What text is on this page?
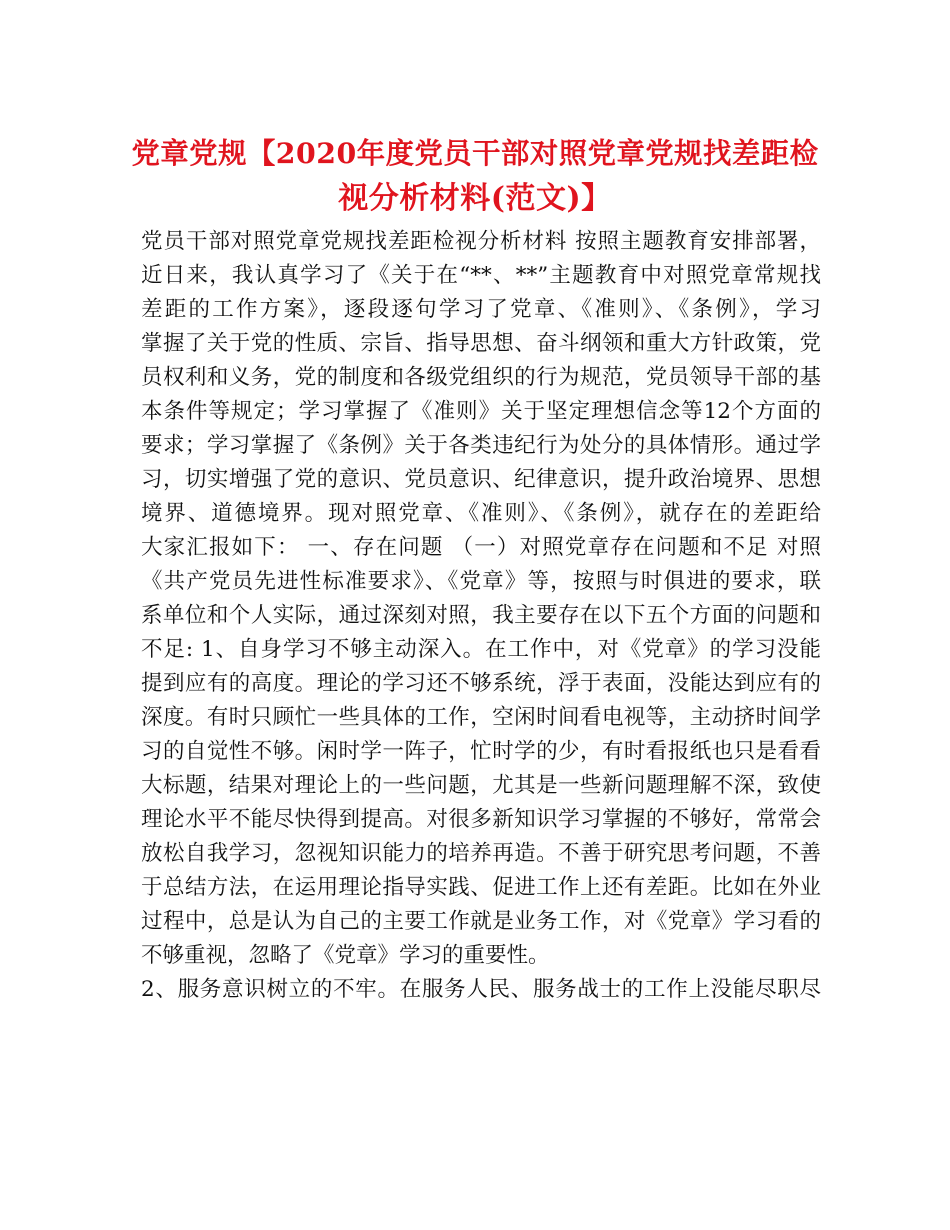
党章党规【2020年度党员干部对照党章党规找差距检
视分析材料(范文)】
党员干部对照党章党规找差距检视分析材料 按照主题教育安排部署，
近日来，我认真学习了《关于在“**、**”主题教育中对照党章常规找
差距的工作方案》，逐段逐句学习了党章、《准则》、《条例》，学习
掌握了关于党的性质、宗旨、指导思想、奋斗纲领和重大方针政策，党
员权利和义务，党的制度和各级党组织的行为规范，党员领导干部的基
本条件等规定；学习掌握了《准则》关于坚定理想信念等12个方面的
要求；学习掌握了《条例》关于各类违纪行为处分的具体情形。通过学
习，切实增强了党的意识、党员意识、纪律意识，提升政治境界、思想
境界、道德境界。现对照党章、《准则》、《条例》，就存在的差距给
大家汇报如下： 一、存在问题 （一）对照党章存在问题和不足 对照
《共产党员先进性标准要求》、《党章》等，按照与时俱进的要求，联
系单位和个人实际，通过深刻对照，我主要存在以下五个方面的问题和
不足: 1、自身学习不够主动深入。在工作中，对《党章》的学习没能
提到应有的高度。理论的学习还不够系统，浮于表面，没能达到应有的
深度。有时只顾忙一些具体的工作，空闲时间看电视等，主动挤时间学
习的自觉性不够。闲时学一阵子，忙时学的少，有时看报纸也只是看看
大标题，结果对理论上的一些问题，尤其是一些新问题理解不深，致使
理论水平不能尽快得到提高。对很多新知识学习掌握的不够好，常常会
放松自我学习，忽视知识能力的培养再造。不善于研究思考问题，不善
于总结方法，在运用理论指导实践、促进工作上还有差距。比如在外业
过程中，总是认为自己的主要工作就是业务工作，对《党章》学习看的
不够重视，忽略了《党章》学习的重要性。
2、服务意识树立的不牢。在服务人民、服务战士的工作上没能尽职尽
